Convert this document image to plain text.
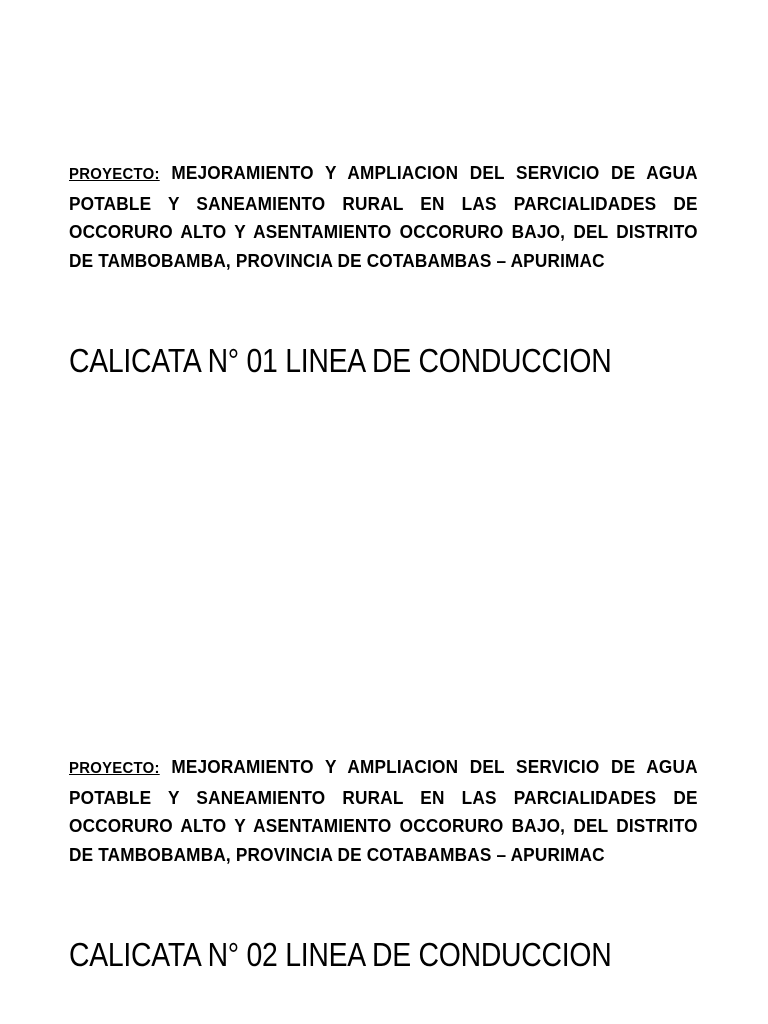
PROYECTO: MEJORAMIENTO Y AMPLIACION DEL SERVICIO DE AGUA POTABLE Y SANEAMIENTO RURAL EN LAS PARCIALIDADES DE OCCORURO ALTO Y ASENTAMIENTO OCCORURO BAJO, DEL DISTRITO DE TAMBOBAMBA, PROVINCIA DE COTABAMBAS – APURIMAC
CALICATA N° 01 LINEA DE CONDUCCION
PROYECTO: MEJORAMIENTO Y AMPLIACION DEL SERVICIO DE AGUA POTABLE Y SANEAMIENTO RURAL EN LAS PARCIALIDADES DE OCCORURO ALTO Y ASENTAMIENTO OCCORURO BAJO, DEL DISTRITO DE TAMBOBAMBA, PROVINCIA DE COTABAMBAS – APURIMAC
CALICATA N° 02 LINEA DE CONDUCCION
